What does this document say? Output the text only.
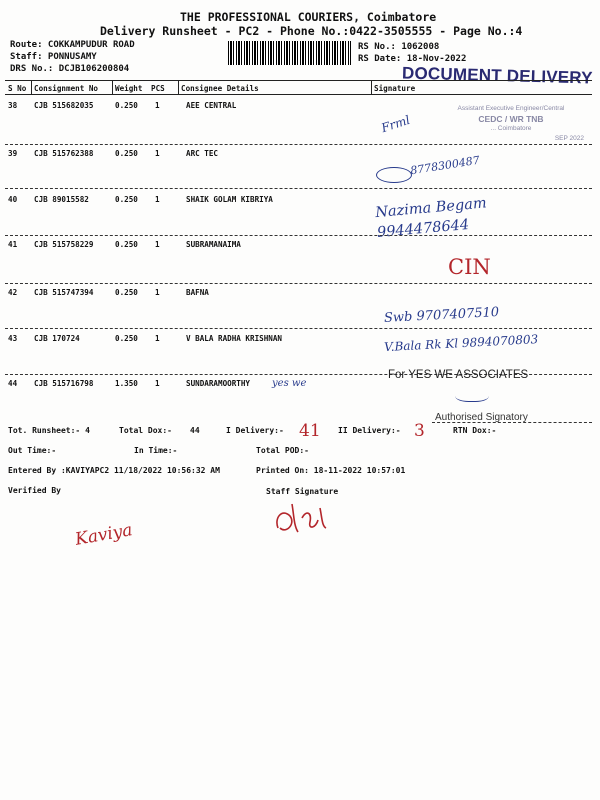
THE PROFESSIONAL COURIERS, Coimbatore
Delivery Runsheet - PC2 - Phone No.:0422-3505555 - Page No.:4
Route: COKKAMPUDUR ROAD
Staff: PONNUSAMY
DRS No.: DCJB106200804
RS No.: 1062008
RS Date: 18-Nov-2022
DOCUMENT DELIVERY
S No Consignment No Weight PCS Consignee Details	Signature
38 CJB 515682035	0.250 1	AEE CENTRAL
Frml
39 CJB 515762388	0.250 1	ARC TEC
8778300487
40 CJB 89015582	0.250 1	SHAIK GOLAM KIBRIYA	Nazima Begam 9944478644
41 CJB 515758229	0.250 1	SUBRAMANAIMA
CIN
42 CJB 515747394	0.250 1	BAFNA
Swb 9707407510
43 CJB 170724	0.250 1	V BALA RADHA KRISHNAN	V.Bala Rk Kl 9894070803
44 CJB 515716798	1.350 1	SUNDARAMOORTHY yes we
Assistant Executive Engineer/Central
CEDC / WR TNB
... Coimbatore
SEP 2022
For YES WE ASSOCIATES
Authorised Signatory
Tot. Runsheet:- 4	Total Dox:- 44	I Delivery:- 41 II Delivery:- 3	RTN Dox:-
Out Time:-	In Time:-	Total POD:-
Entered By :KAVIYAPC2 11/18/2022 10:56:32 AM	Printed On: 18-11-2022 10:57:01
Verified By	Staff Signature
Kaviya
